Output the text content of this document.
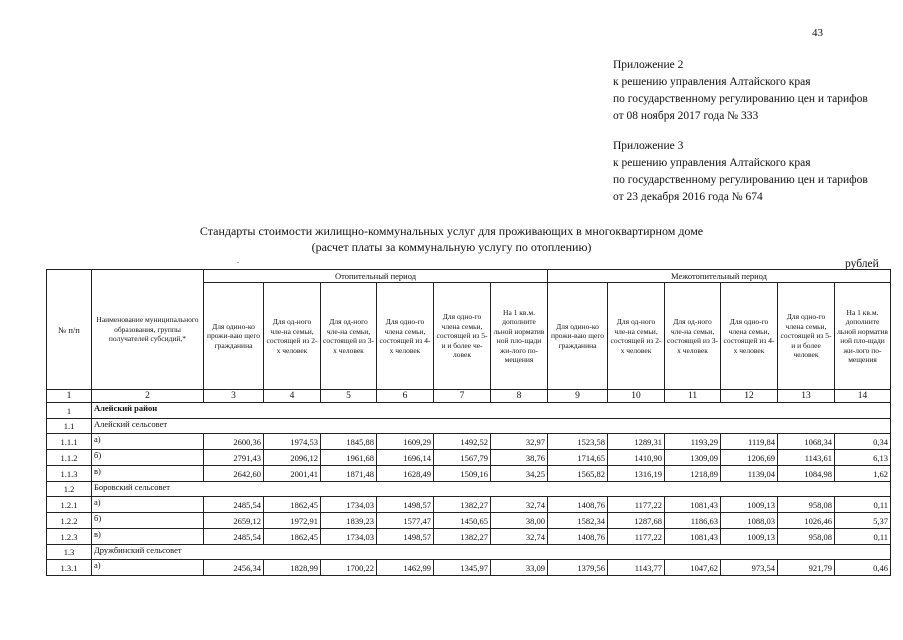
43
Приложение 2
к решению управления Алтайского края
по государственному регулированию цен и тарифов
от 08 ноября 2017 года № 333
Приложение 3
к решению управления Алтайского края
по государственному регулированию цен и тарифов
от 23 декабря 2016 года № 674
Стандарты стоимости жилищно-коммунальных услуг для проживающих в многоквартирном доме
(расчет платы за коммунальную услугу по отоплению)
.	рублей
№ п/п	Наименование муниципального образования, группы получателей субсидий,*	Отопительный период						Межотопительный период					
		Для одино-ко прожи-ваю щего гражданина	Для од-ного чле-на семьи, состоящей из 2-х человек	Для од-ного чле-на семьи, состоящей из 3-х человек	Для одно-го члена семьи, состоящей из 4-х человек	Для одно-го члена семьи, состоящей из 5-и и более че-ловек	На 1 кв.м. дополните льной норматив ной пло-щади жи-лого по-мещения	Для одино-ко прожи-ваю щего гражданина	Для од-ного чле-на семьи, состоящей из 2-х человек	Для од-ного чле-на семьи, состоящей из 3-х человек	Для одно-го члена семьи, состоящей из 4-х человек	Для одно-го члена семьи, состоящей из 5-и и более человек	На 1 кв.м. дополните льной норматив ной пло-щади жи-лого по-мещения
1	2	3	4	5	6	7	8	9	10	11	12	13	14
1	Алейский район												
1.1	Алейский сельсовет												
1.1.1	а)	2600,36	1974,53	1845,88	1609,29	1492,52	32,97	1523,58	1289,31	1193,29	1119,84	1068,34	0,34
1.1.2	б)	2791,43	2096,12	1961,68	1696,14	1567,79	38,76	1714,65	1410,90	1309,09	1206,69	1143,61	6,13
1.1.3	в)	2642,60	2001,41	1871,48	1628,49	1509,16	34,25	1565,82	1316,19	1218,89	1139,04	1084,98	1,62
1.2	Боровский сельсовет												
1.2.1	а)	2485,54	1862,45	1734,03	1498,57	1382,27	32,74	1408,76	1177,22	1081,43	1009,13	958,08	0,11
1.2.2	б)	2659,12	1972,91	1839,23	1577,47	1450,65	38,00	1582,34	1287,68	1186,63	1088,03	1026,46	5,37
1.2.3	в)	2485,54	1862,45	1734,03	1498,57	1382,27	32,74	1408,76	1177,22	1081,43	1009,13	958,08	0,11
1.3	Дружбинский сельсовет												
1.3.1	а)	2456,34	1828,99	1700,22	1462,99	1345,97	33,09	1379,56	1143,77	1047,62	973,54	921,79	0,46
